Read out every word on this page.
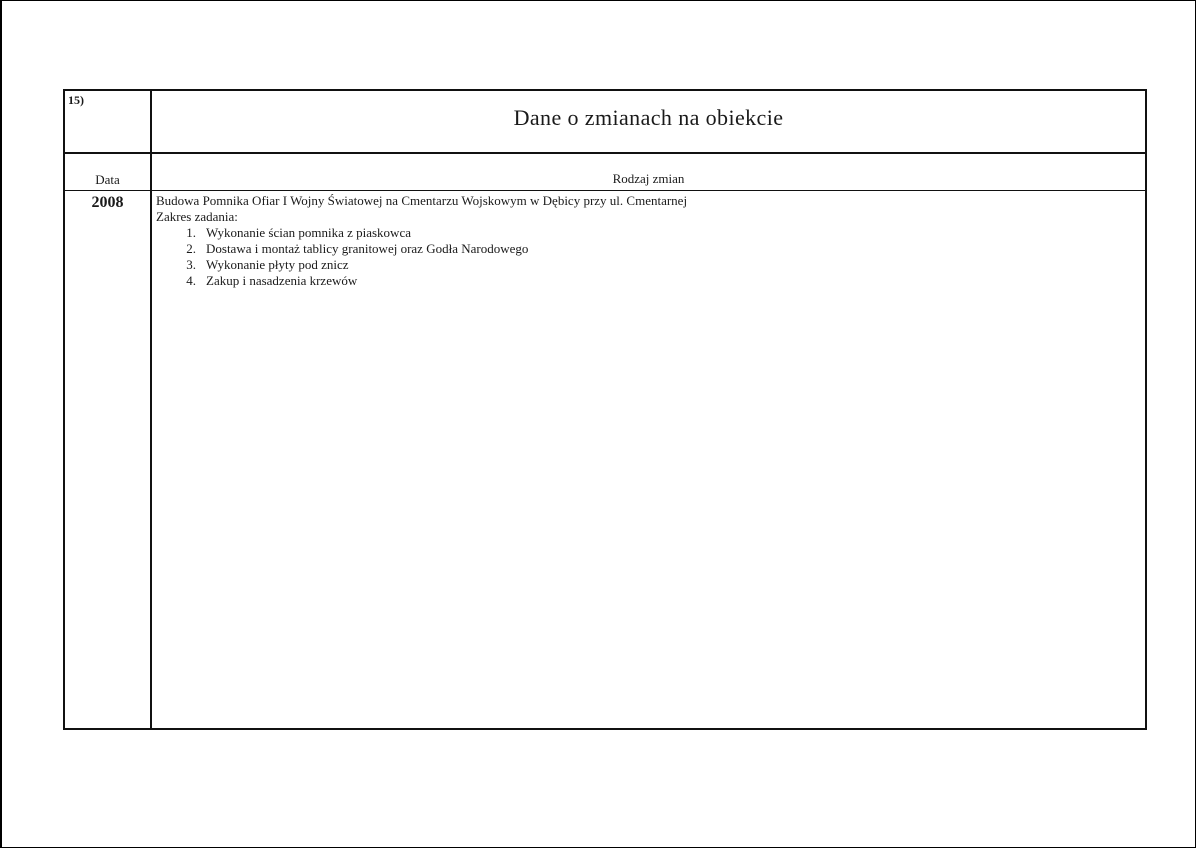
15)
Dane o zmianach na obiekcie
Data	Rodzaj zmian
2008	Budowa Pomnika Ofiar I Wojny Światowej na Cmentarzu Wojskowym w Dębicy przy ul. Cmentarnej

Zakres zadania:

1. Wykonanie ścian pomnika z piaskowca
2. Dostawa i montaż tablicy granitowej oraz Godła Narodowego
3. Wykonanie płyty pod znicz
4. Zakup i nasadzenia krzewów
